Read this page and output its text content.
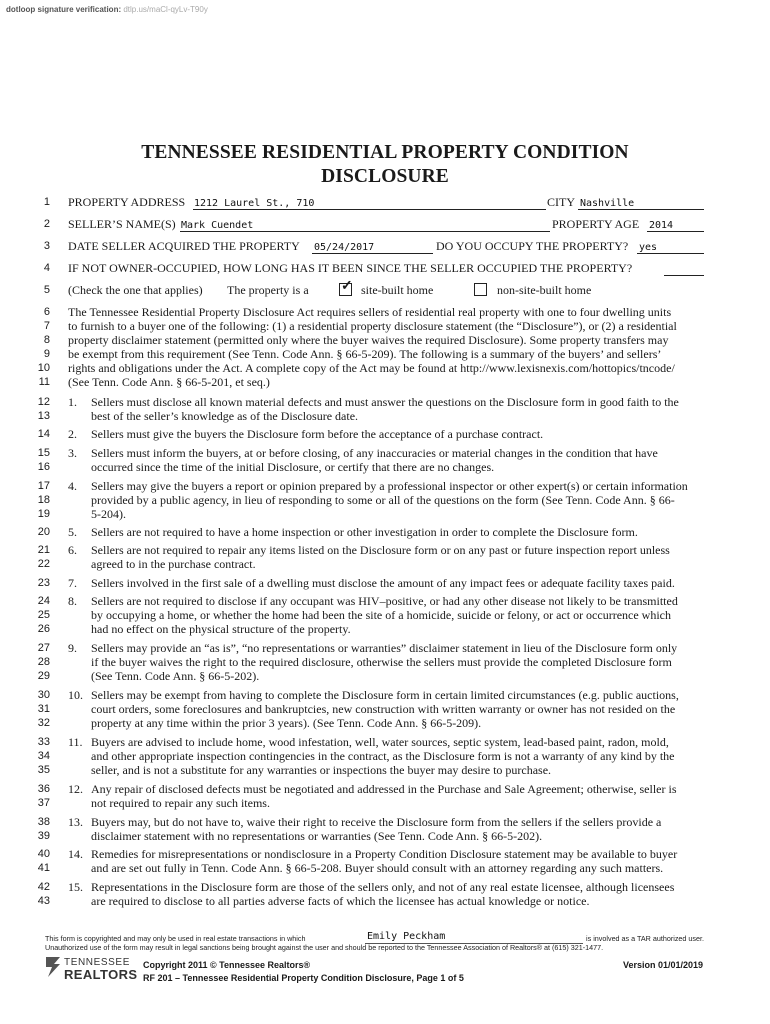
dotloop signature verification: dtlp.us/maCl-qyLv-T90y
TENNESSEE RESIDENTIAL PROPERTY CONDITION
DISCLOSURE
1 PROPERTY ADDRESS 1212 Laurel St., 710	CITY Nashville
2 SELLER’S NAME(S) Mark Cuendet	PROPERTY AGE 2014
3 DATE SELLER ACQUIRED THE PROPERTY 05/24/2017	DO YOU OCCUPY THE PROPERTY? yes
4 IF NOT OWNER-OCCUPIED, HOW LONG HAS IT BEEN SINCE THE SELLER OCCUPIED THE PROPERTY?
5 (Check the one that applies) The property is a ✓ site-built home	non-site-built home
6 The Tennessee Residential Property Disclosure Act requires sellers of residential real property with one to four dwelling units
7 to furnish to a buyer one of the following: (1) a residential property disclosure statement (the “Disclosure”), or (2) a residential
8 property disclaimer statement (permitted only where the buyer waives the required Disclosure). Some property transfers may
9 be exempt from this requirement (See Tenn. Code Ann. § 66-5-209). The following is a summary of the buyers’ and sellers’
10 rights and obligations under the Act. A complete copy of the Act may be found at http://www.lexisnexis.com/hottopics/tncode/
11 (See Tenn. Code Ann. § 66-5-201, et seq.)
12 1. Sellers must disclose all known material defects and must answer the questions on the Disclosure form in good faith to the
13	best of the seller’s knowledge as of the Disclosure date.
14 2. Sellers must give the buyers the Disclosure form before the acceptance of a purchase contract.
15 3. Sellers must inform the buyers, at or before closing, of any inaccuracies or material changes in the condition that have
16	occurred since the time of the initial Disclosure, or certify that there are no changes.
17 4. Sellers may give the buyers a report or opinion prepared by a professional inspector or other expert(s) or certain information
18	provided by a public agency, in lieu of responding to some or all of the questions on the form (See Tenn. Code Ann. § 66-
19	5-204).
20 5. Sellers are not required to have a home inspection or other investigation in order to complete the Disclosure form.
21 6. Sellers are not required to repair any items listed on the Disclosure form or on any past or future inspection report unless
22	agreed to in the purchase contract.
23 7. Sellers involved in the first sale of a dwelling must disclose the amount of any impact fees or adequate facility taxes paid.
24 8. Sellers are not required to disclose if any occupant was HIV–positive, or had any other disease not likely to be transmitted
25	by occupying a home, or whether the home had been the site of a homicide, suicide or felony, or act or occurrence which
26	had no effect on the physical structure of the property.
27 9. Sellers may provide an “as is”, “no representations or warranties” disclaimer statement in lieu of the Disclosure form only
28	if the buyer waives the right to the required disclosure, otherwise the sellers must provide the completed Disclosure form
29	(See Tenn. Code Ann. § 66-5-202).
30 10. Sellers may be exempt from having to complete the Disclosure form in certain limited circumstances (e.g. public auctions,
31	court orders, some foreclosures and bankruptcies, new construction with written warranty or owner has not resided on the
32	property at any time within the prior 3 years). (See Tenn. Code Ann. § 66-5-209).
33 11. Buyers are advised to include home, wood infestation, well, water sources, septic system, lead-based paint, radon, mold,
34	and other appropriate inspection contingencies in the contract, as the Disclosure form is not a warranty of any kind by the
35	seller, and is not a substitute for any warranties or inspections the buyer may desire to purchase.
36 12. Any repair of disclosed defects must be negotiated and addressed in the Purchase and Sale Agreement; otherwise, seller is
37	not required to repair any such items.
38 13. Buyers may, but do not have to, waive their right to receive the Disclosure form from the sellers if the sellers provide a
39	disclaimer statement with no representations or warranties (See Tenn. Code Ann. § 66-5-202).
40 14. Remedies for misrepresentations or nondisclosure in a Property Condition Disclosure statement may be available to buyer
41	and are set out fully in Tenn. Code Ann. § 66-5-208. Buyer should consult with an attorney regarding any such matters.
42 15. Representations in the Disclosure form are those of the sellers only, and not of any real estate licensee, although licensees
43	are required to disclose to all parties adverse facts of which the licensee has actual knowledge or notice.
This form is copyrighted and may only be used in real estate transactions in which	Emily Peckham	is involved as a TAR authorized user.
Unauthorized use of the form may result in legal sanctions being brought against the user and should be reported to the Tennessee Association of Realtors® at (615) 321-1477.
TENNESSEE
REALTORS
Copyright 2011 © Tennessee Realtors®
RF 201 – Tennessee Residential Property Condition Disclosure, Page 1 of 5
Version 01/01/2019
